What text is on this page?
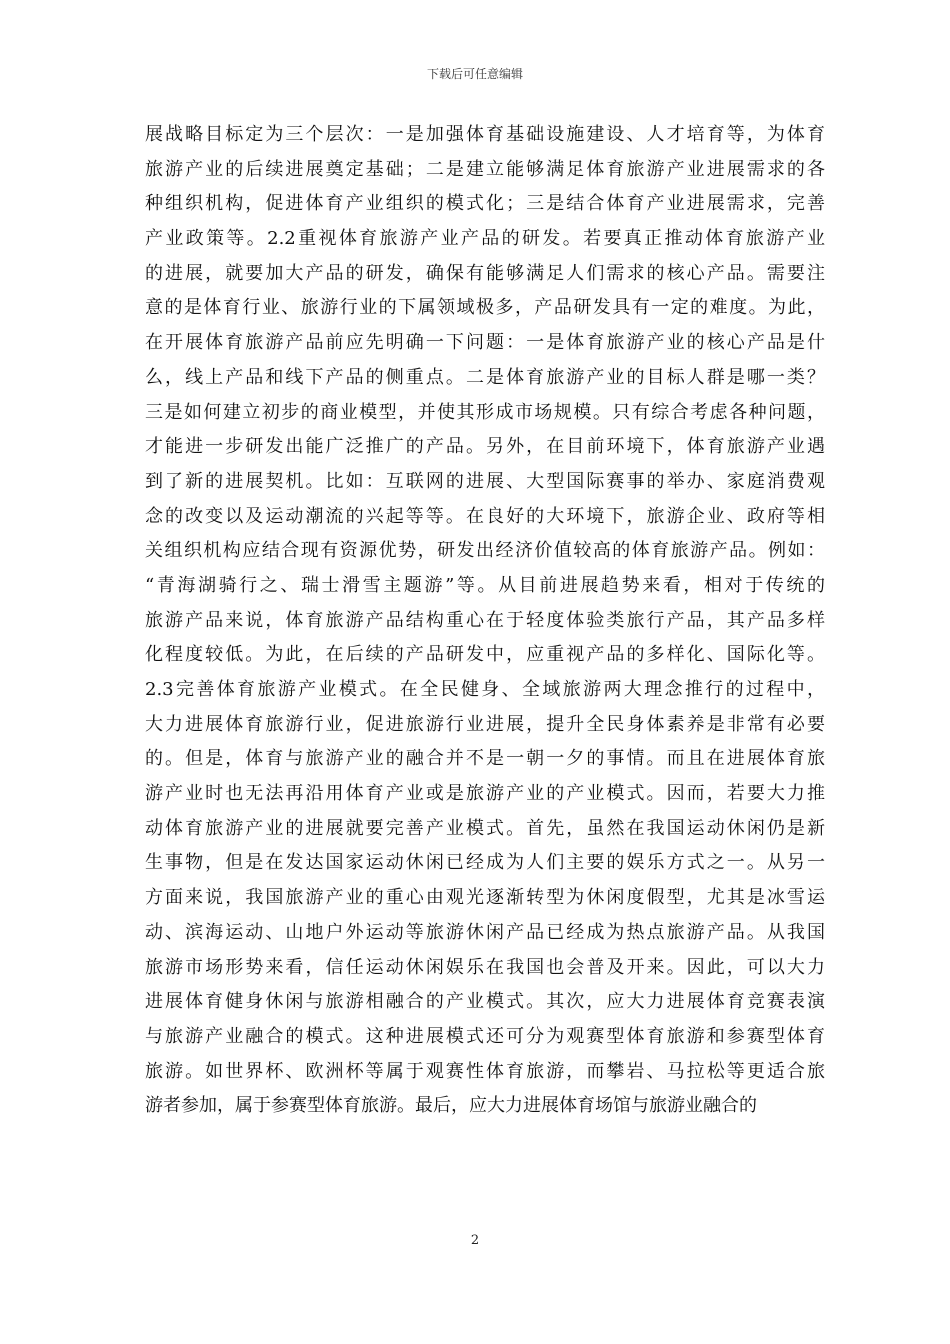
下载后可任意编辑
展战略目标定为三个层次：一是加强体育基础设施建设、人才培育等，为体育
旅游产业的后续进展奠定基础；二是建立能够满足体育旅游产业进展需求的各
种组织机构，促进体育产业组织的模式化；三是结合体育产业进展需求，完善
产业政策等。2.2重视体育旅游产业产品的研发。若要真正推动体育旅游产业
的进展，就要加大产品的研发，确保有能够满足人们需求的核心产品。需要注
意的是体育行业、旅游行业的下属领域极多，产品研发具有一定的难度。为此，
在开展体育旅游产品前应先明确一下问题：一是体育旅游产业的核心产品是什
么，线上产品和线下产品的侧重点。二是体育旅游产业的目标人群是哪一类？
三是如何建立初步的商业模型，并使其形成市场规模。只有综合考虑各种问题，
才能进一步研发出能广泛推广的产品。另外，在目前环境下，体育旅游产业遇
到了新的进展契机。比如：互联网的进展、大型国际赛事的举办、家庭消费观
念的改变以及运动潮流的兴起等等。在良好的大环境下，旅游企业、政府等相
关组织机构应结合现有资源优势，研发出经济价值较高的体育旅游产品。例如：
“青海湖骑行之、瑞士滑雪主题游”等。从目前进展趋势来看，相对于传统的
旅游产品来说，体育旅游产品结构重心在于轻度体验类旅行产品，其产品多样
化程度较低。为此，在后续的产品研发中，应重视产品的多样化、国际化等。
2.3完善体育旅游产业模式。在全民健身、全域旅游两大理念推行的过程中，
大力进展体育旅游行业，促进旅游行业进展，提升全民身体素养是非常有必要
的。但是，体育与旅游产业的融合并不是一朝一夕的事情。而且在进展体育旅
游产业时也无法再沿用体育产业或是旅游产业的产业模式。因而，若要大力推
动体育旅游产业的进展就要完善产业模式。首先，虽然在我国运动休闲仍是新
生事物，但是在发达国家运动休闲已经成为人们主要的娱乐方式之一。从另一
方面来说，我国旅游产业的重心由观光逐渐转型为休闲度假型，尤其是冰雪运
动、滨海运动、山地户外运动等旅游休闲产品已经成为热点旅游产品。从我国
旅游市场形势来看，信任运动休闲娱乐在我国也会普及开来。因此，可以大力
进展体育健身休闲与旅游相融合的产业模式。其次，应大力进展体育竞赛表演
与旅游产业融合的模式。这种进展模式还可分为观赛型体育旅游和参赛型体育
旅游。如世界杯、欧洲杯等属于观赛性体育旅游，而攀岩、马拉松等更适合旅
游者参加，属于参赛型体育旅游。最后，应大力进展体育场馆与旅游业融合的
2
